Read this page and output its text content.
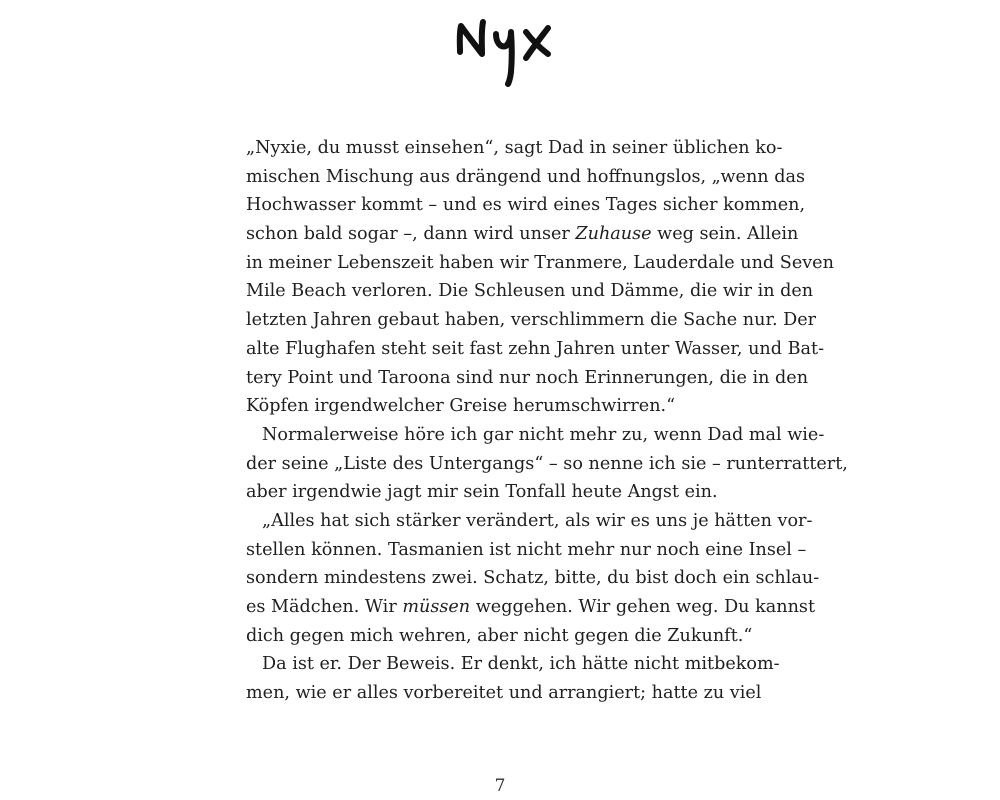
„Nyxie, du musst einsehen“, sagt Dad in seiner üblichen ko-
mischen Mischung aus drängend und hoffnungslos, „wenn das
Hochwasser kommt – und es wird eines Tages sicher kommen,
schon bald sogar –, dann wird unser Zuhause weg sein. Allein
in meiner Lebenszeit haben wir Tranmere, Lauderdale und Seven
Mile Beach verloren. Die Schleusen und Dämme, die wir in den
letzten Jahren gebaut haben, verschlimmern die Sache nur. Der
alte Flughafen steht seit fast zehn Jahren unter Wasser, und Bat-
tery Point und Taroona sind nur noch Erinnerungen, die in den
Köpfen irgendwelcher Greise herumschwirren.“
Normalerweise höre ich gar nicht mehr zu, wenn Dad mal wie-
der seine „Liste des Untergangs“ – so nenne ich sie – runterrattert,
aber irgendwie jagt mir sein Tonfall heute Angst ein.
„Alles hat sich stärker verändert, als wir es uns je hätten vor-
stellen können. Tasmanien ist nicht mehr nur noch eine Insel –
sondern mindestens zwei. Schatz, bitte, du bist doch ein schlau-
es Mädchen. Wir müssen weggehen. Wir gehen weg. Du kannst
dich gegen mich wehren, aber nicht gegen die Zukunft.“
Da ist er. Der Beweis. Er denkt, ich hätte nicht mitbekom-
men, wie er alles vorbereitet und arrangiert; hatte zu viel
7
